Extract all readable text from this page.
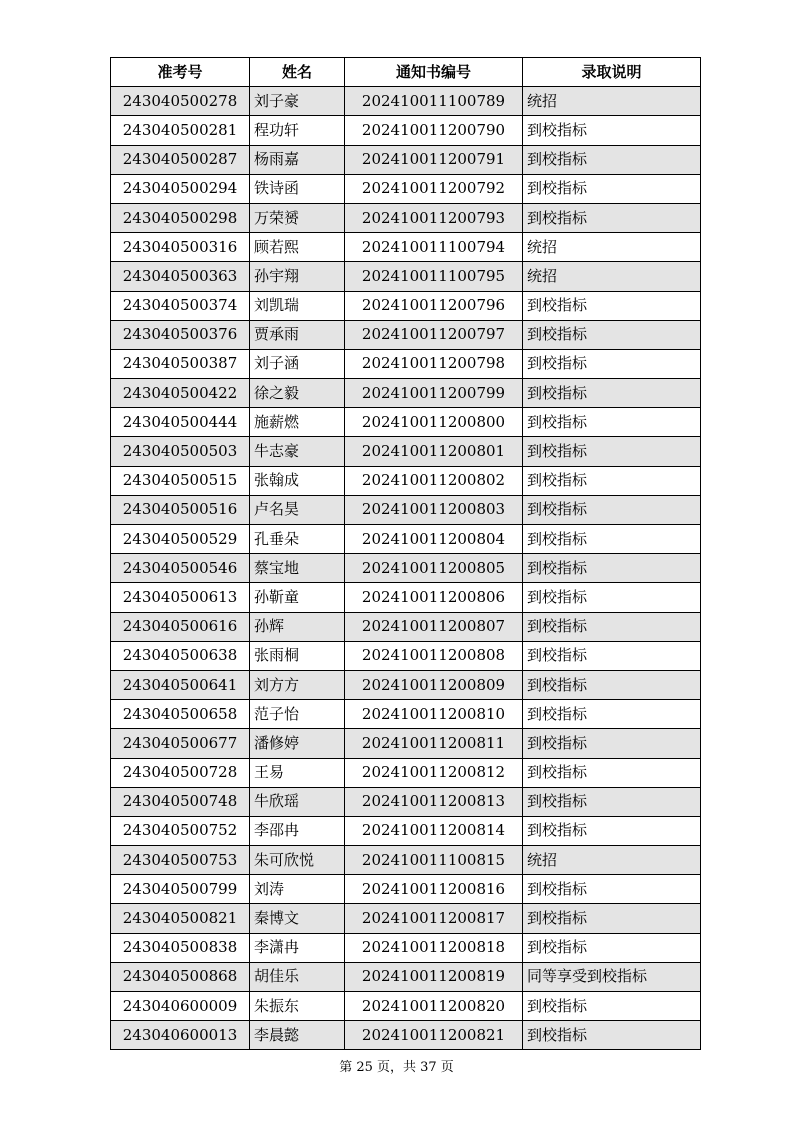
准考号	姓名	通知书编号	录取说明
243040500278	刘子豪	202410011100789	统招
243040500281	程功轩	202410011200790	到校指标
243040500287	杨雨嘉	202410011200791	到校指标
243040500294	铁诗函	202410011200792	到校指标
243040500298	万荣赟	202410011200793	到校指标
243040500316	顾若熙	202410011100794	统招
243040500363	孙宇翔	202410011100795	统招
243040500374	刘凯瑞	202410011200796	到校指标
243040500376	贾承雨	202410011200797	到校指标
243040500387	刘子涵	202410011200798	到校指标
243040500422	徐之毅	202410011200799	到校指标
243040500444	施薪燃	202410011200800	到校指标
243040500503	牛志豪	202410011200801	到校指标
243040500515	张翰成	202410011200802	到校指标
243040500516	卢名昊	202410011200803	到校指标
243040500529	孔垂朵	202410011200804	到校指标
243040500546	蔡宝地	202410011200805	到校指标
243040500613	孙靳童	202410011200806	到校指标
243040500616	孙辉	202410011200807	到校指标
243040500638	张雨桐	202410011200808	到校指标
243040500641	刘方方	202410011200809	到校指标
243040500658	范子怡	202410011200810	到校指标
243040500677	潘修婷	202410011200811	到校指标
243040500728	王易	202410011200812	到校指标
243040500748	牛欣瑶	202410011200813	到校指标
243040500752	李邵冉	202410011200814	到校指标
243040500753	朱可欣悦	202410011100815	统招
243040500799	刘涛	202410011200816	到校指标
243040500821	秦博文	202410011200817	到校指标
243040500838	李潇冉	202410011200818	到校指标
243040500868	胡佳乐	202410011200819	同等享受到校指标
243040600009	朱振东	202410011200820	到校指标
243040600013	李晨懿	202410011200821	到校指标
第 25 页，共 37 页
